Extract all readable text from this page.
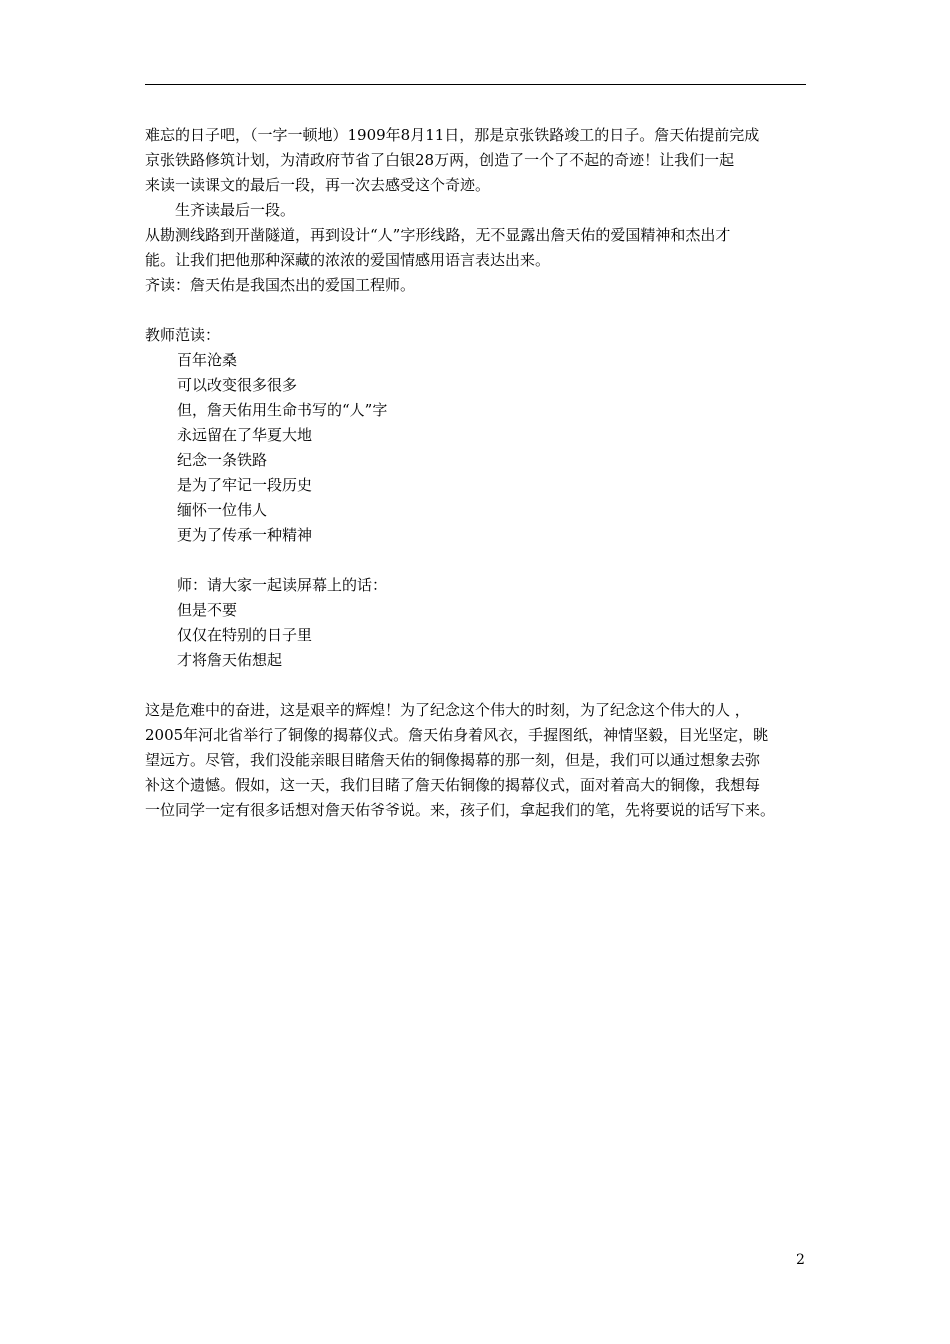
难忘的日子吧，（一字一顿地）1909年8月11日，那是京张铁路竣工的日子。詹天佑提前完成
京张铁路修筑计划，为清政府节省了白银28万两，创造了一个了不起的奇迹！让我们一起
来读一读课文的最后一段，再一次去感受这个奇迹。
生齐读最后一段。
从勘测线路到开凿隧道，再到设计“人”字形线路，无不显露出詹天佑的爱国精神和杰出才
能。让我们把他那种深藏的浓浓的爱国情感用语言表达出来。
齐读：詹天佑是我国杰出的爱国工程师。
教师范读：
百年沧桑
可以改变很多很多
但，詹天佑用生命书写的“人”字
永远留在了华夏大地
纪念一条铁路
是为了牢记一段历史
缅怀一位伟人
更为了传承一种精神
师：请大家一起读屏幕上的话：
但是不要
仅仅在特别的日子里
才将詹天佑想起
这是危难中的奋进，这是艰辛的辉煌！为了纪念这个伟大的时刻，为了纪念这个伟大的人 ，
2005年河北省举行了铜像的揭幕仪式。詹天佑身着风衣，手握图纸，神情坚毅，目光坚定，眺
望远方。尽管，我们没能亲眼目睹詹天佑的铜像揭幕的那一刻，但是，我们可以通过想象去弥
补这个遗憾。假如，这一天，我们目睹了詹天佑铜像的揭幕仪式，面对着高大的铜像，我想每
一位同学一定有很多话想对詹天佑爷爷说。来，孩子们，拿起我们的笔，先将要说的话写下来。
2
